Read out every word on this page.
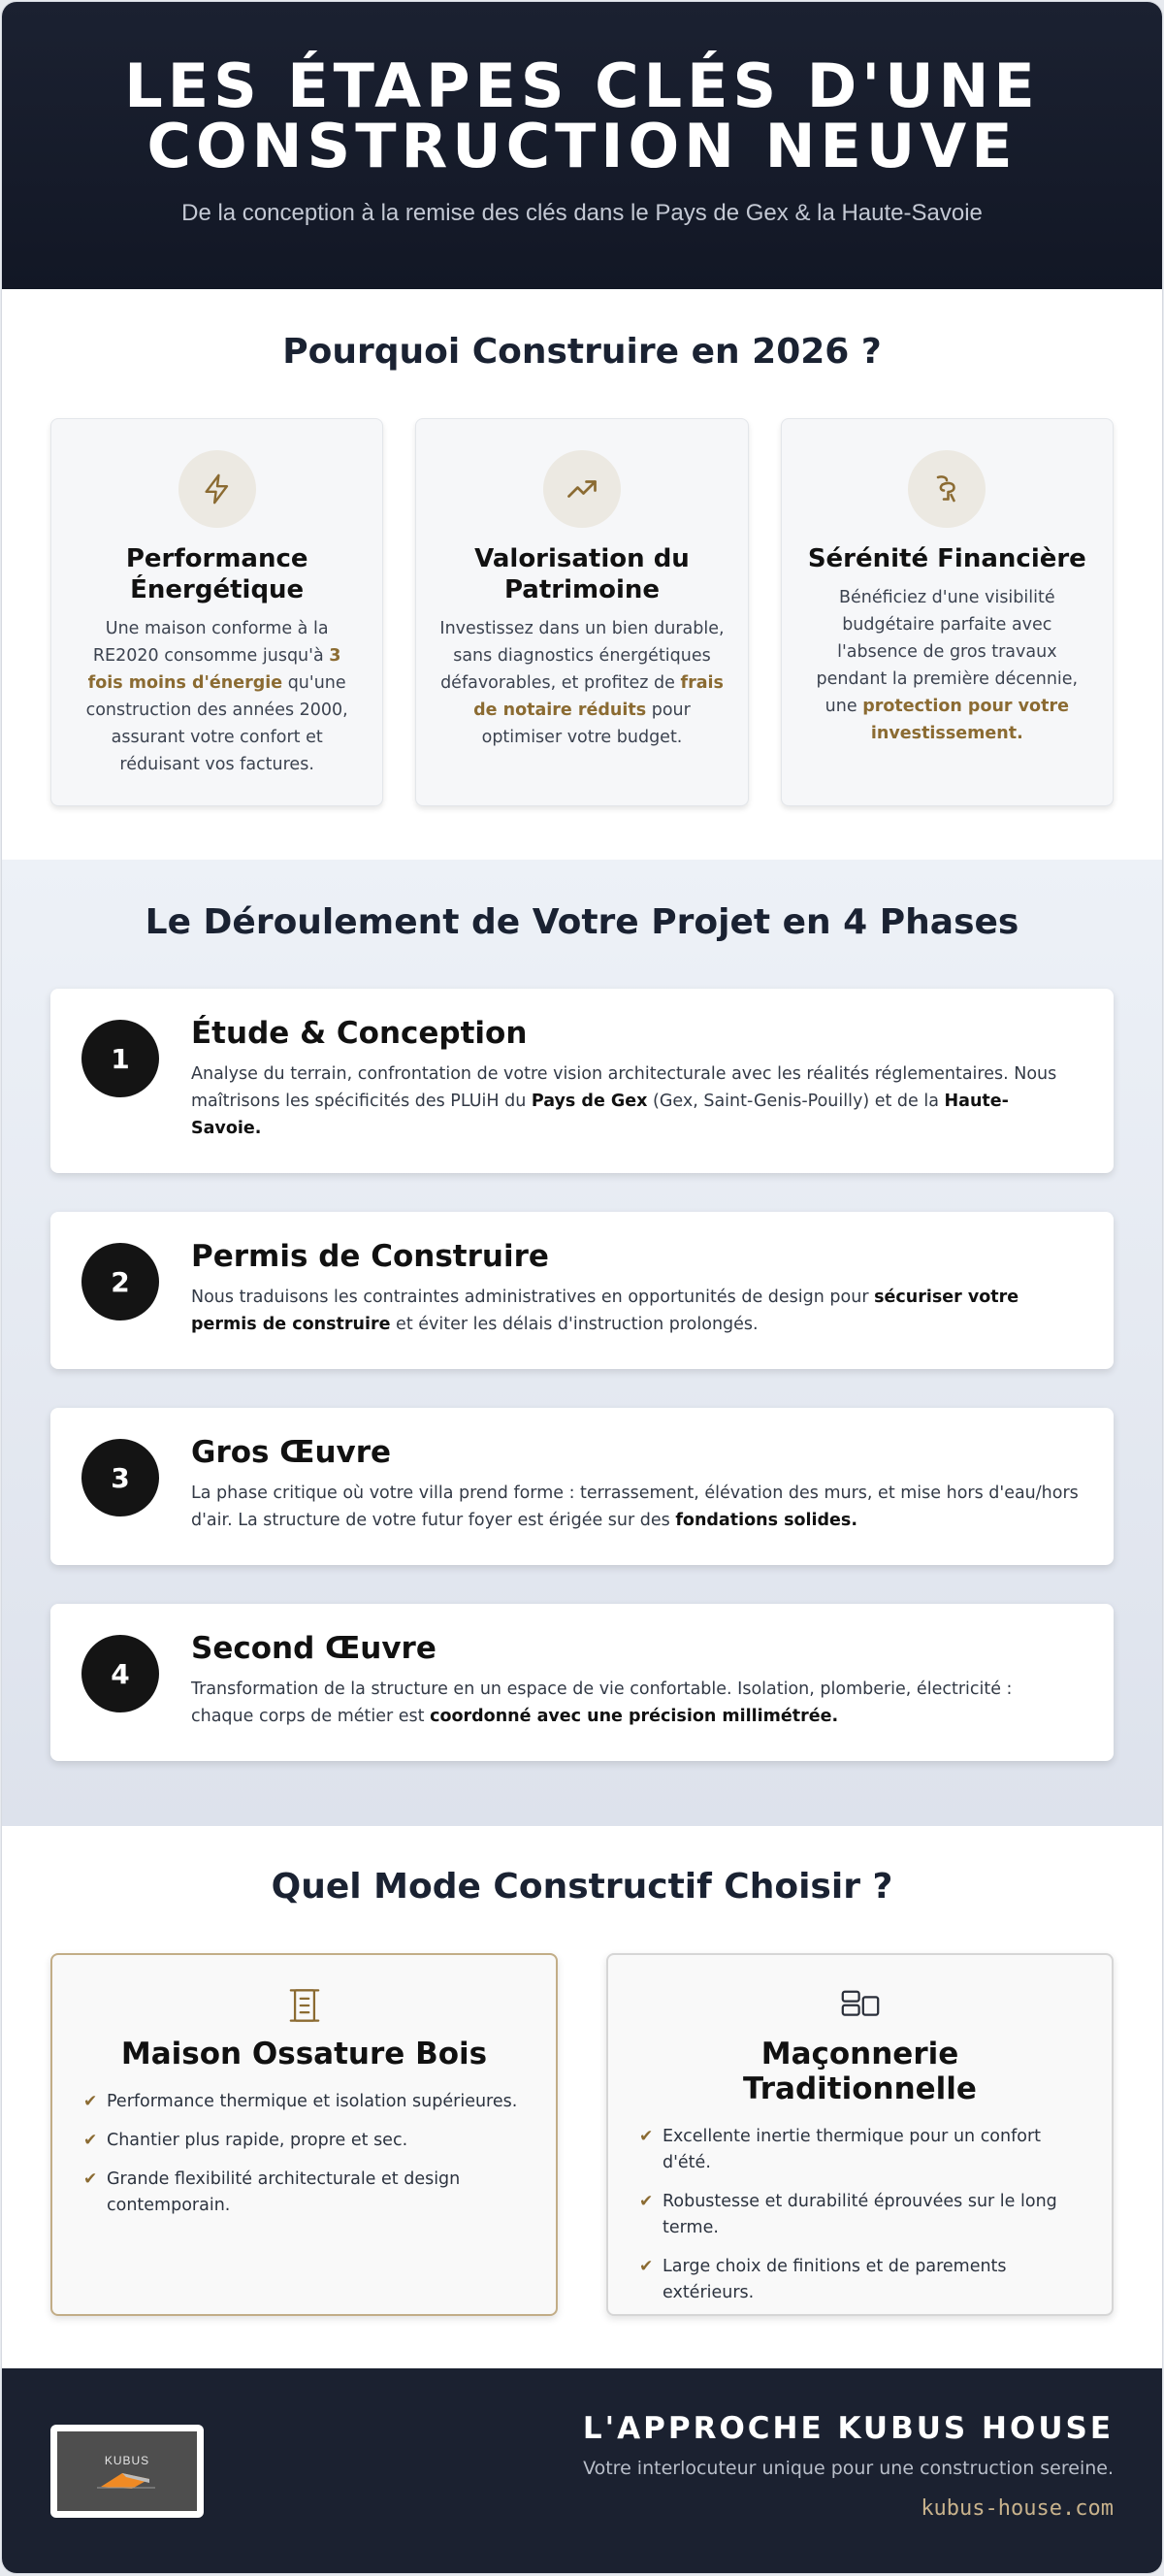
LES ÉTAPES CLÉS D'UNE CONSTRUCTION NEUVE
De la conception à la remise des clés dans le Pays de Gex & la Haute-Savoie
Pourquoi Construire en 2026 ?
Performance Énergétique

Une maison conforme à la RE2020 consomme jusqu'à 3 fois moins d'énergie qu'une construction des années 2000, assurant votre confort et réduisant vos factures.

Valorisation du Patrimoine

Investissez dans un bien durable, sans diagnostics énergétiques défavorables, et profitez de frais de notaire réduits pour optimiser votre budget.

Sérénité Financière

Bénéficiez d'une visibilité budgétaire parfaite avec l'absence de gros travaux pendant la première décennie, une protection pour votre investissement.

Le Déroulement de Votre Projet en 4 Phases
1
Étude & Conception

Analyse du terrain, confrontation de votre vision architecturale avec les réalités réglementaires. Nous maîtrisons les spécificités des PLUiH du Pays de Gex (Gex, Saint-Genis-Pouilly) et de la Haute-Savoie.

2
Permis de Construire

Nous traduisons les contraintes administratives en opportunités de design pour sécuriser votre permis de construire et éviter les délais d'instruction prolongés.

3
Gros Œuvre

La phase critique où votre villa prend forme : terrassement, élévation des murs, et mise hors d'eau/hors d'air. La structure de votre futur foyer est érigée sur des fondations solides.

4
Second Œuvre

Transformation de la structure en un espace de vie confortable. Isolation, plomberie, électricité : chaque corps de métier est coordonné avec une précision millimétrée.

Quel Mode Constructif Choisir ?
Maison Ossature Bois
✔ Performance thermique et isolation supérieures.
✔ Chantier plus rapide, propre et sec.
✔ Grande flexibilité architecturale et design contemporain.
Maçonnerie Traditionnelle
✔ Excellente inertie thermique pour un confort d'été.
✔ Robustesse et durabilité éprouvées sur le long terme.
✔ Large choix de finitions et de parements extérieurs.
KUBUS
L'APPROCHE KUBUS HOUSE
Votre interlocuteur unique pour une construction sereine.
kubus-house.com
